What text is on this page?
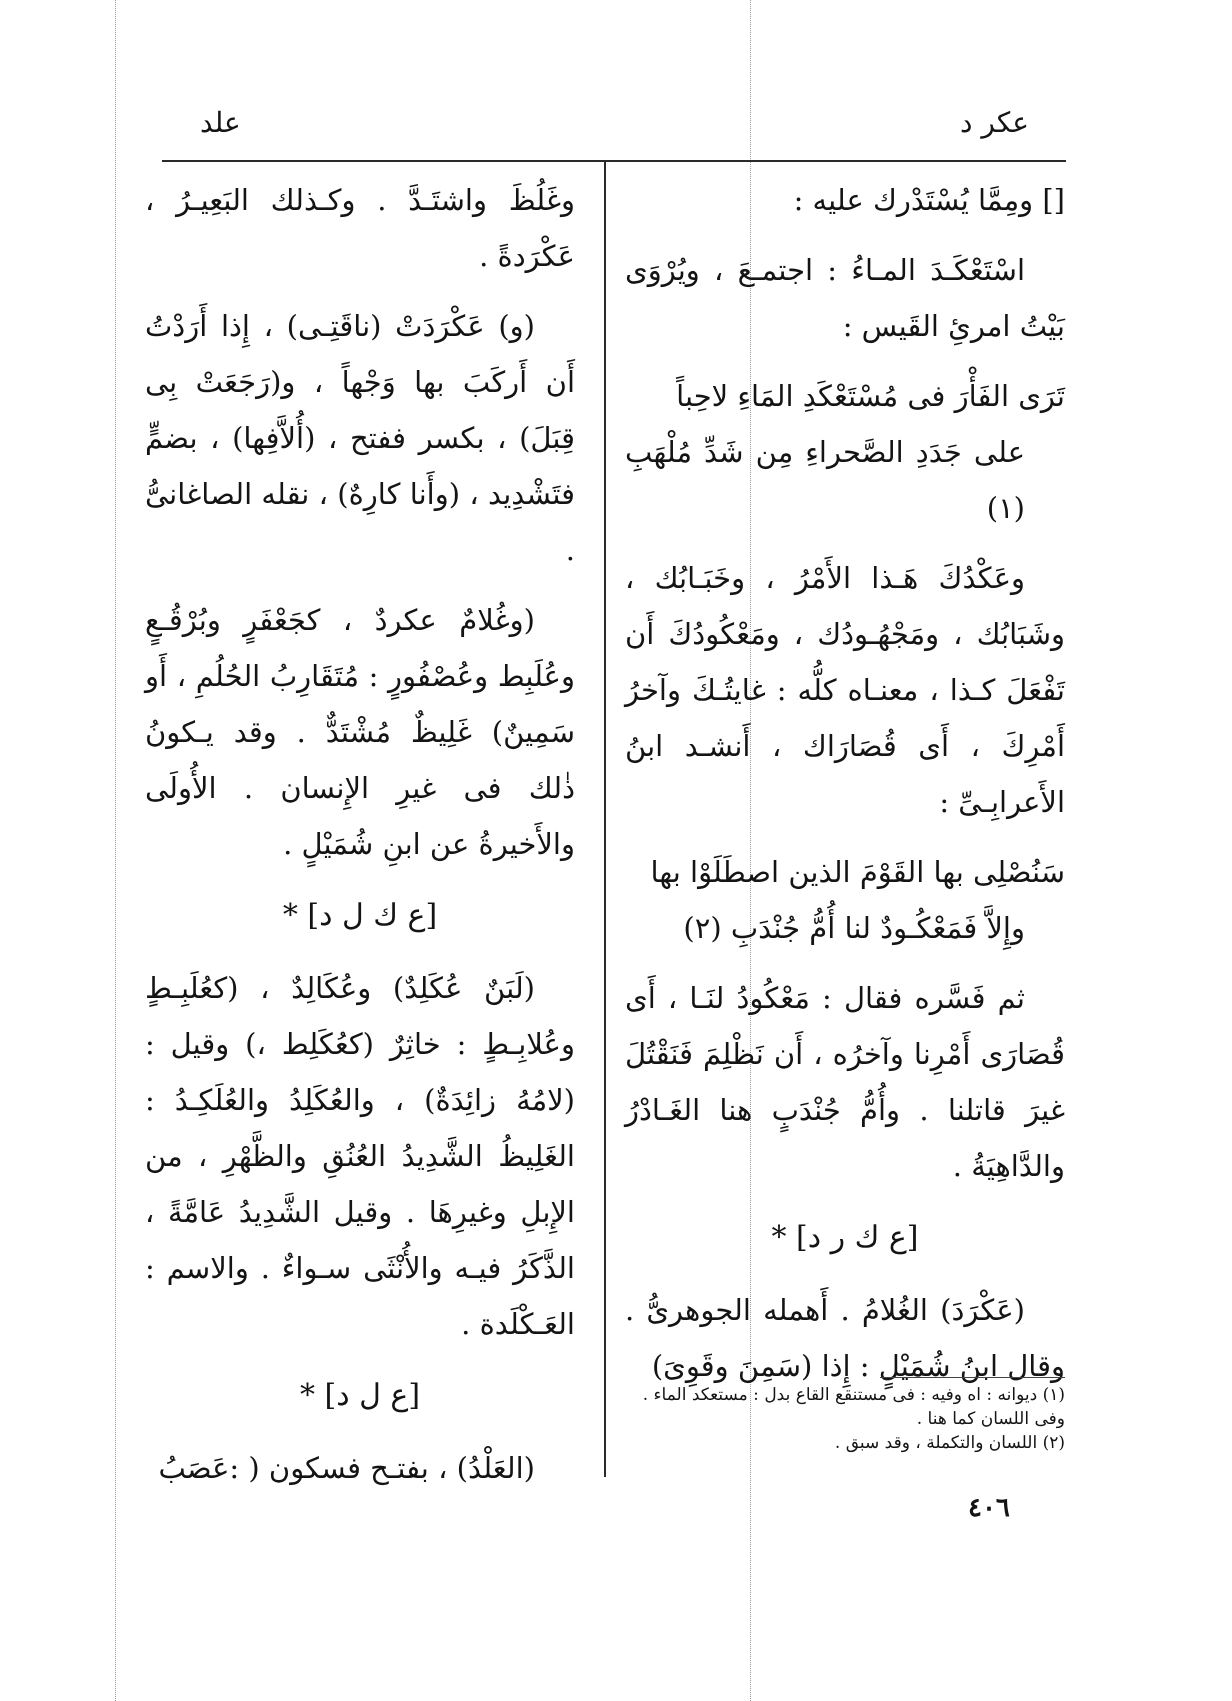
عكر د
علد

[] ومِمَّا يُسْتَدْرك عليه :

اسْتَعْكَـدَ المـاءُ : اجتمـعَ ، ويُرْوَى بَيْتُ امرئِ القَيس :

تَرَى الفَأْرَ فى مُسْتَعْكَدِ المَاءِ لاحِباً
على جَدَدِ الصَّحراءِ مِن شَدِّ مُلْهَبِ (١)

وعَكْدُكَ هَـذا الأَمْرُ ، وخَبَـابُك ، وشَبَابُك ، ومَجْهُـودُك ، ومَعْكُودُكَ أَن تَفْعَلَ كـذا ، معنـاه كلُّه : غايتُـكَ وآخرُ أَمْرِكَ ، أَى قُصَارَاك ، أَنشـد ابنُ الأَعرابِـىِّ :

سَنُصْلِى بها القَوْمَ الذين اصطَلَوْا بها
وإِلاَّ فَمَعْكُـودٌ لنا أُمُّ جُنْدَبِ (٢)

ثم فَسَّره فقال : مَعْكُودُ لنَـا ، أَى قُصَارَى أَمْرِنا وآخرُه ، أَن نَظْلِمَ فَنَقْتُلَ غيرَ قاتلنا . وأُمُّ جُنْدَبٍ هنا الغَـادْرُ والدَّاهِيَةُ .

[ع ك ر د] *

(عَكْرَدَ) الغُلامُ . أَهمله الجوهرىُّ . وقال ابنُ شُمَيْلٍ : إِذا (سَمِنَ وقَوِىَ)

وغَلُظَ واشتَـدَّ . وكـذلك البَعِيـرُ ، عَكْرَدةً .

(و) عَكْرَدَتْ (ناقَتِـى) ، إِذا أَرَدْتُ أَن أَركَبَ بها وَجْهاً ، و(رَجَعَتْ بِى قِبَلَ) ، بكسر ففتح ، (أُلاَّفِها) ، بضمٍّ فتَشْدِيد ، (وأَنا كارِهٌ) ، نقله الصاغانىُّ .

(وغُلامٌ عكردٌ ، كجَعْفَرٍ وبُرْقُـعٍ وعُلَبِط وعُصْفُورٍ : مُتَقَارِبُ الحُلُمِ ، أَو سَمِينٌ) غَلِيظٌ مُشْتَدٌّ . وقد يـكونُ ذٰلك فى غيرِ الإِنسان . الأُولَى والأَخيرةُ عن ابنِ شُمَيْلٍ .

[ع ك ل د] *

(لَبَنٌ عُكَلِدٌ) وعُكَالِدٌ ، (كعُلَبِـطٍ وعُلابِـطٍ : خاثِرٌ (كعُكَلِط ،) وقيل : (لامُهُ زائِدَةٌ) ، والعُكَلِدُ والعُلَكِـدُ : الغَلِيظُ الشَّدِيدُ العُنُقِ والظَّهْرِ ، من الإِبلِ وغيرِهَا . وقيل الشَّدِيدُ عَامَّةً ، الذَّكَرُ فيـه والأُنْثَى سـواءٌ . والاسم : العَـكْلَدة .

[ع ل د] *

(العَلْدُ) ، بفتـح فسكون ( :عَصَبُ

(١) ديوانه : اه وفيه : فى مستنقع القاع بدل : مستعكد الماء . وفى اللسان كما هنا .
(٢) اللسان والتكملة ، وقد سبق .
٤٠٦
